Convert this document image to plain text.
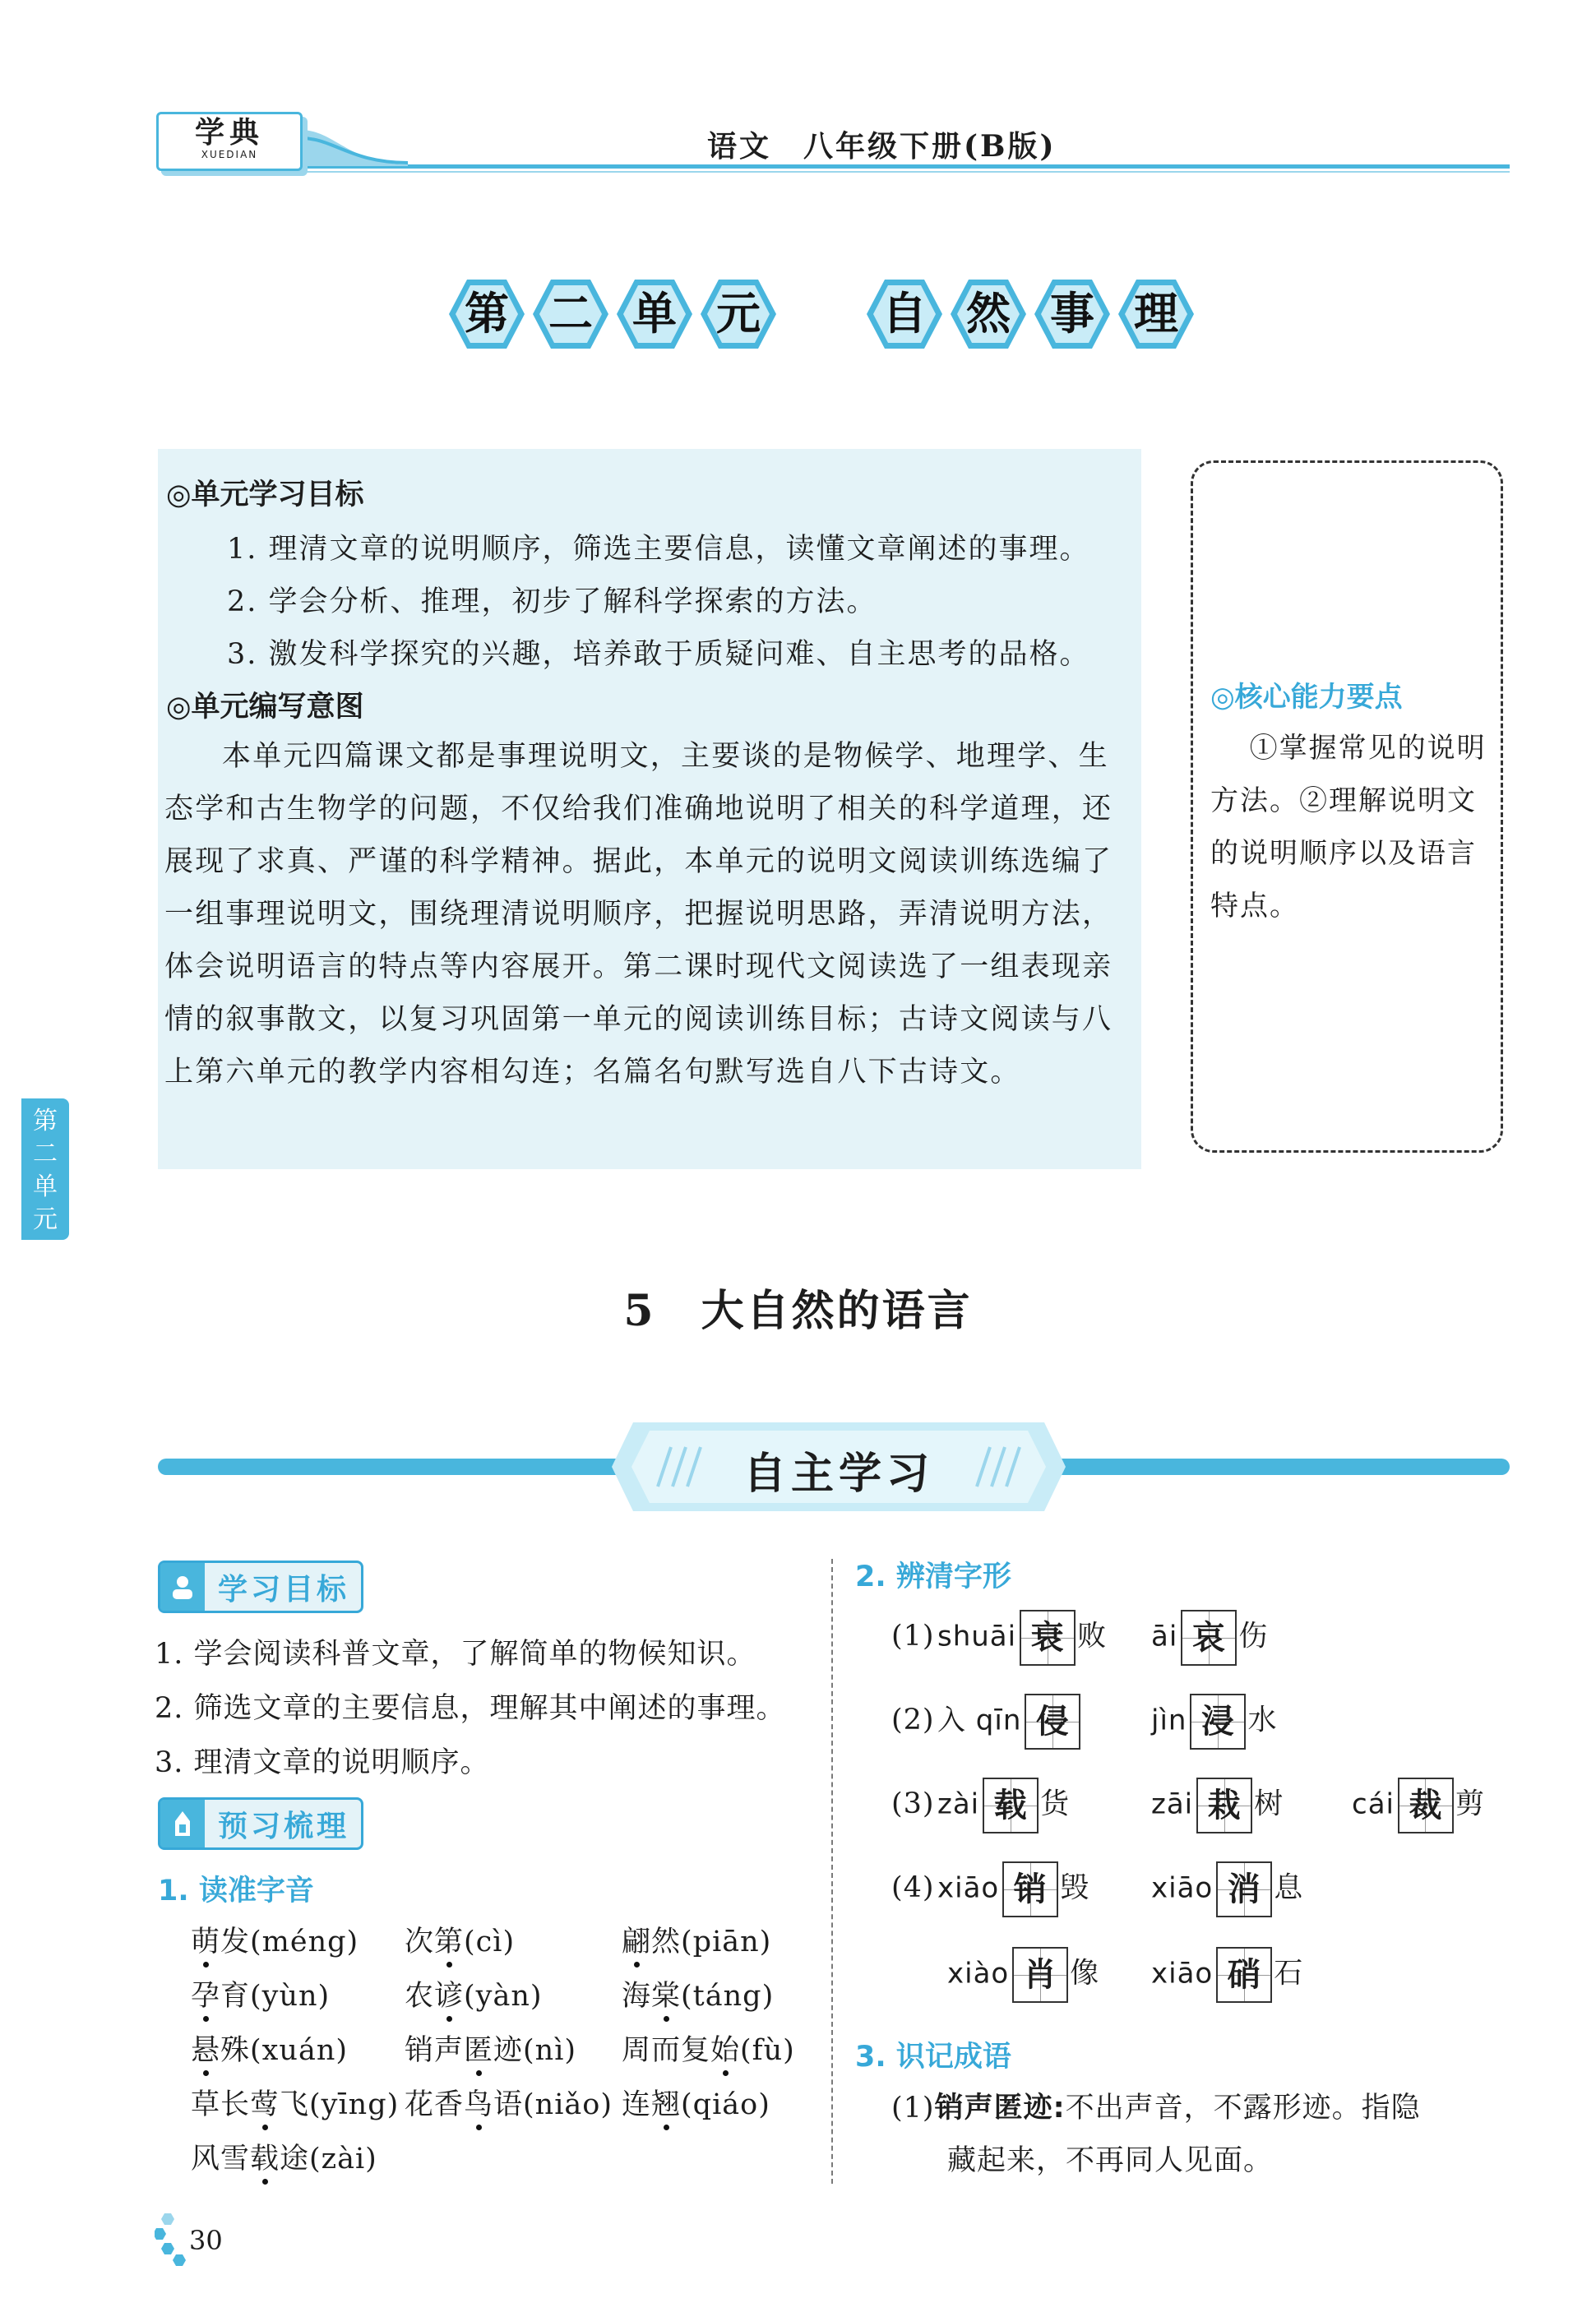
学典
XUEDIAN	语文　八年级下册(B版)
第 二 单 元	自 然 事 理
◎单元学习目标
1. 理清文章的说明顺序，筛选主要信息，读懂文章阐述的事理。
2. 学会分析、推理，初步了解科学探索的方法。
3. 激发科学探究的兴趣，培养敢于质疑问难、自主思考的品格。
◎单元编写意图
本单元四篇课文都是事理说明文，主要谈的是物候学、地理学、生态学和古生物学的问题，不仅给我们准确地说明了相关的科学道理，还展现了求真、严谨的科学精神。据此，本单元的说明文阅读训练选编了一组事理说明文，围绕理清说明顺序，把握说明思路，弄清说明方法，体会说明语言的特点等内容展开。第二课时现代文阅读选了一组表现亲情的叙事散文，以复习巩固第一单元的阅读训练目标；古诗文阅读与八上第六单元的教学内容相勾连；名篇名句默写选自八下古诗文。
◎核心能力要点
①掌握常见的说明方法。②理解说明文的说明顺序以及语言特点。
第二单元
5　大自然的语言
自主学习
学习目标
1. 学会阅读科普文章，了解简单的物候知识。
2. 筛选文章的主要信息，理解其中阐述的事理。
3. 理清文章的说明顺序。
预习梳理
1. 读准字音
萌发(méng) 次第(cì)	翩然(piān)
孕育(yùn)	农谚(yàn)	海棠(táng)
悬殊(xuán) 销声匿迹(nì) 周而复始(fù)
草长莺飞(yīng) 花香鸟语(niǎo) 连翘(qiáo)
风雪载途(zài)
2. 辨清字形
(1) shuāi 衰 败 āi 哀 伤
(2) 入 qīn 侵	jìn 浸 水
(3) zài 载 货	zāi 栽 树 cái 裁 剪
(4) xiāo 销 毁 xiāo 消 息
xiào 肖 像 xiāo 硝 石
3. 识记成语
(1)销声匿迹:不出声音，不露形迹。指隐
藏起来，不再同人见面。
30
